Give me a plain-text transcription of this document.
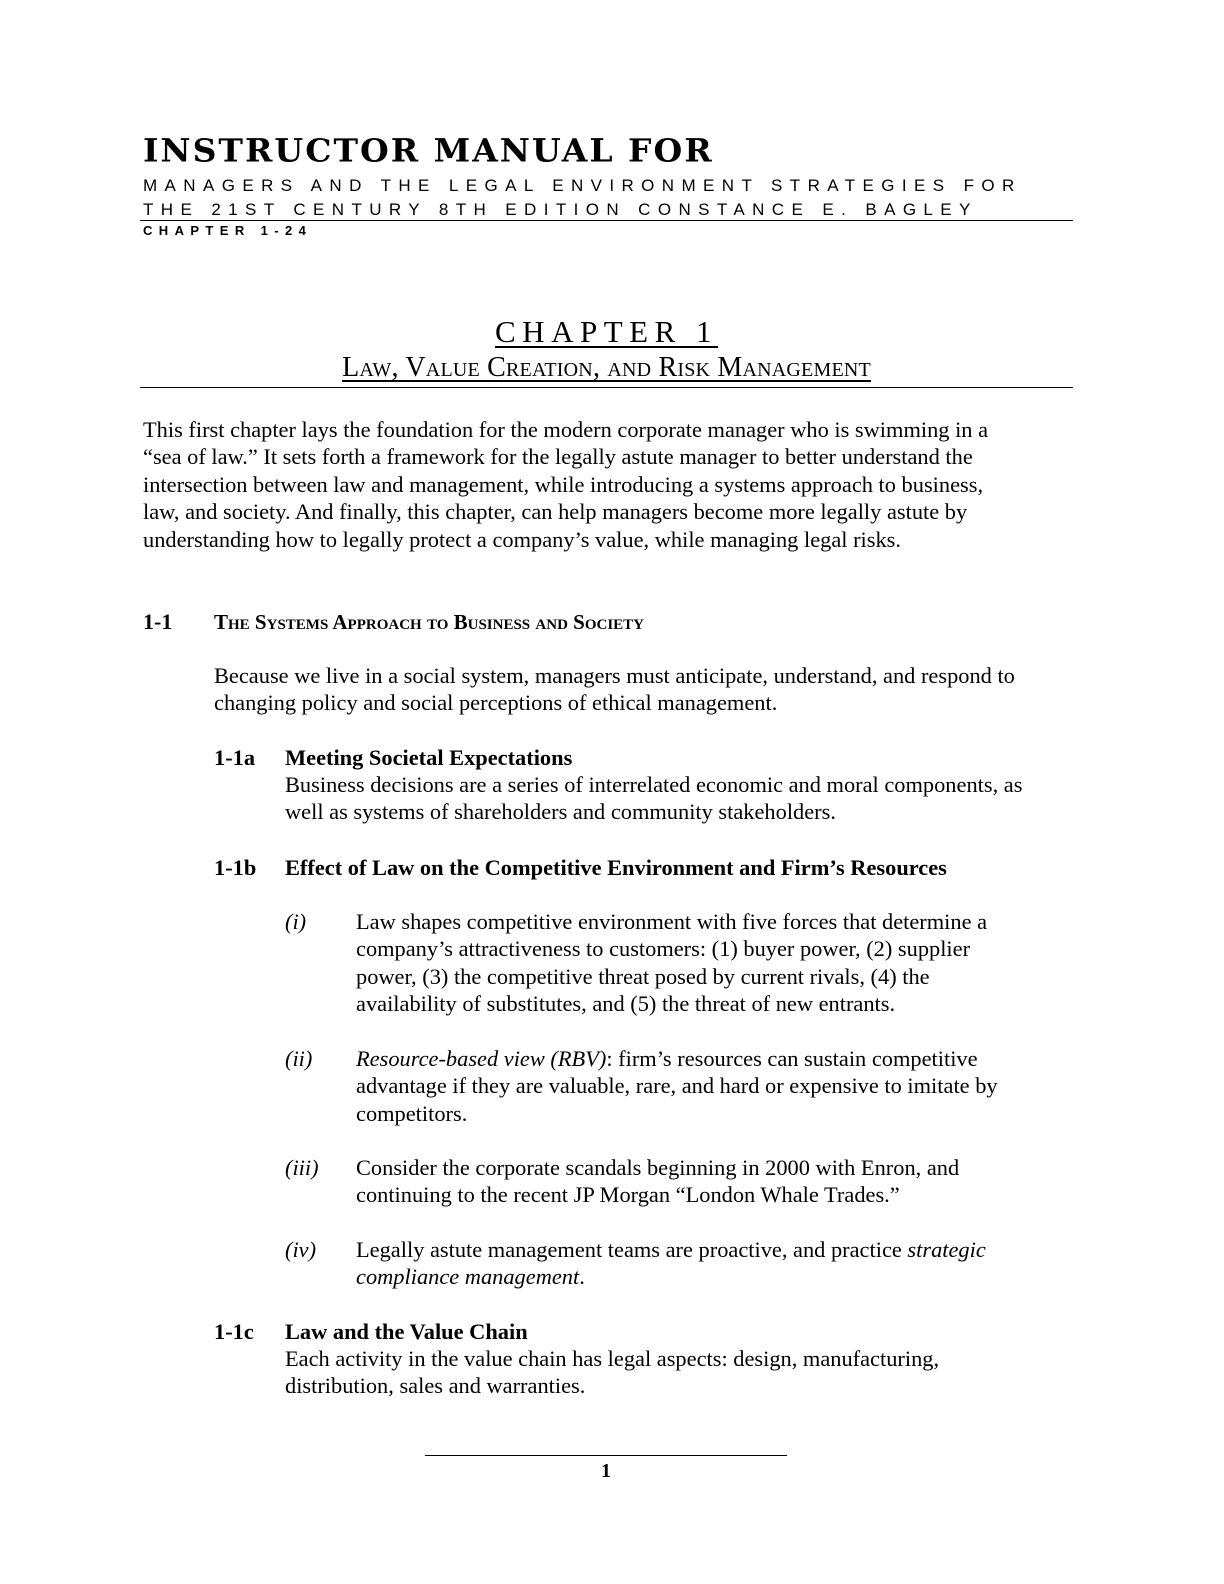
INSTRUCTOR MANUAL FOR
MANAGERS AND THE LEGAL ENVIRONMENT STRATEGIES FOR
THE 21ST CENTURY 8TH EDITION CONSTANCE E. BAGLEY
CHAPTER 1-24
CHAPTER 1
Law, Value Creation, and Risk Management
This first chapter lays the foundation for the modern corporate manager who is swimming in a
“sea of law.” It sets forth a framework for the legally astute manager to better understand the
intersection between law and management, while introducing a systems approach to business,
law, and society. And finally, this chapter, can help managers become more legally astute by
understanding how to legally protect a company’s value, while managing legal risks.
1-1 The Systems Approach to Business and Society
Because we live in a social system, managers must anticipate, understand, and respond to
changing policy and social perceptions of ethical management.
1-1a Meeting Societal Expectations
Business decisions are a series of interrelated economic and moral components, as
well as systems of shareholders and community stakeholders.
1-1b Effect of Law on the Competitive Environment and Firm’s Resources
(i) Law shapes competitive environment with five forces that determine a
company’s attractiveness to customers: (1) buyer power, (2) supplier
power, (3) the competitive threat posed by current rivals, (4) the
availability of substitutes, and (5) the threat of new entrants.
(ii) Resource-based view (RBV): firm’s resources can sustain competitive
advantage if they are valuable, rare, and hard or expensive to imitate by
competitors.
(iii) Consider the corporate scandals beginning in 2000 with Enron, and
continuing to the recent JP Morgan “London Whale Trades.”
(iv) Legally astute management teams are proactive, and practice strategic
compliance management.
1-1c Law and the Value Chain
Each activity in the value chain has legal aspects: design, manufacturing,
distribution, sales and warranties.
1
